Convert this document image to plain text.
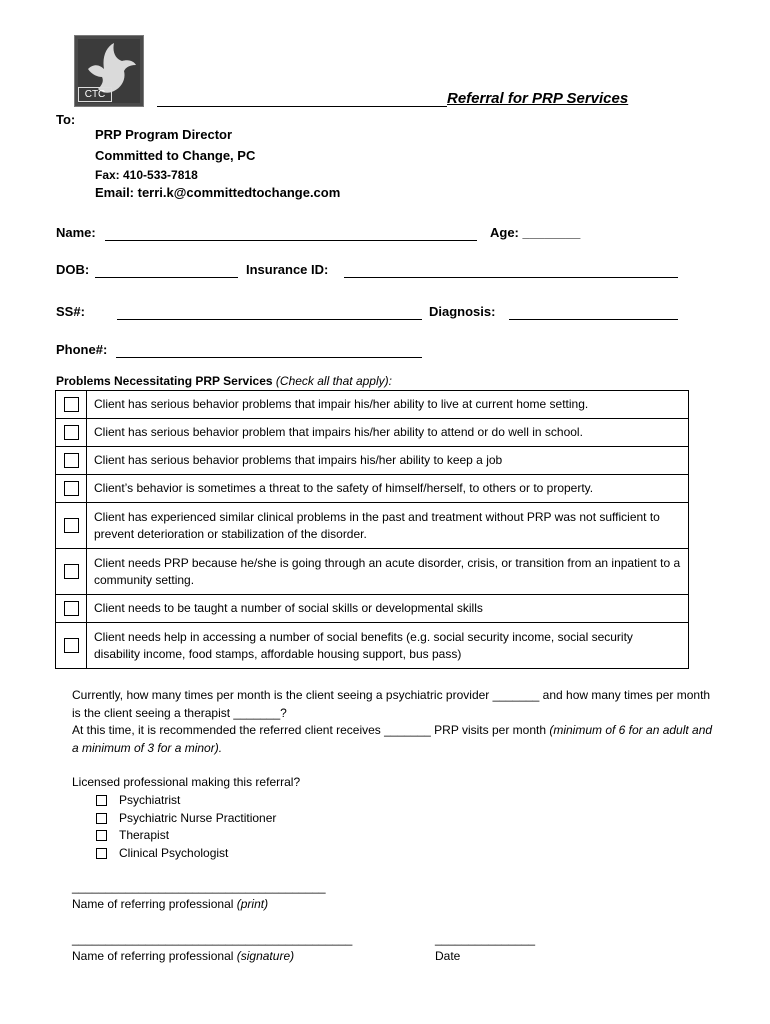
CTC	Referral for PRP Services
To:
PRP Program Director
Committed to Change, PC
Fax: 410-533-7818
Email: terri.k@committedtochange.com
Name:	Age: ________
DOB:	Insurance ID:
SS#:	Diagnosis:
Phone#:
Problems Necessitating PRP Services (Check all that apply):
	Client has serious behavior problems that impair his/her ability to live at current home setting.
	Client has serious behavior problem that impairs his/her ability to attend or do well in school.
	Client has serious behavior problems that impairs his/her ability to keep a job
	Client’s behavior is sometimes a threat to the safety of himself/herself, to others or to property.
	Client has experienced similar clinical problems in the past and treatment without PRP was not sufficient to prevent deterioration or stabilization of the disorder.
	Client needs PRP because he/she is going through an acute disorder, crisis, or transition from an inpatient to a community setting.
	Client needs to be taught a number of social skills or developmental skills
	Client needs help in accessing a number of social benefits (e.g. social security income, social security disability income, food stamps, affordable housing support, bus pass)
Currently, how many times per month is the client seeing a psychiatric provider _______ and how many times per month is the client seeing a therapist _______?
At this time, it is recommended the referred client receives _______ PRP visits per month (minimum of 6 for an adult and a minimum of 3 for a minor).
Licensed professional making this referral?
Psychiatrist
Psychiatric Nurse Practitioner
Therapist
Clinical Psychologist
______________________________________
Name of referring professional (print)
__________________________________________
Name of referring professional (signature)
_______________
Date
